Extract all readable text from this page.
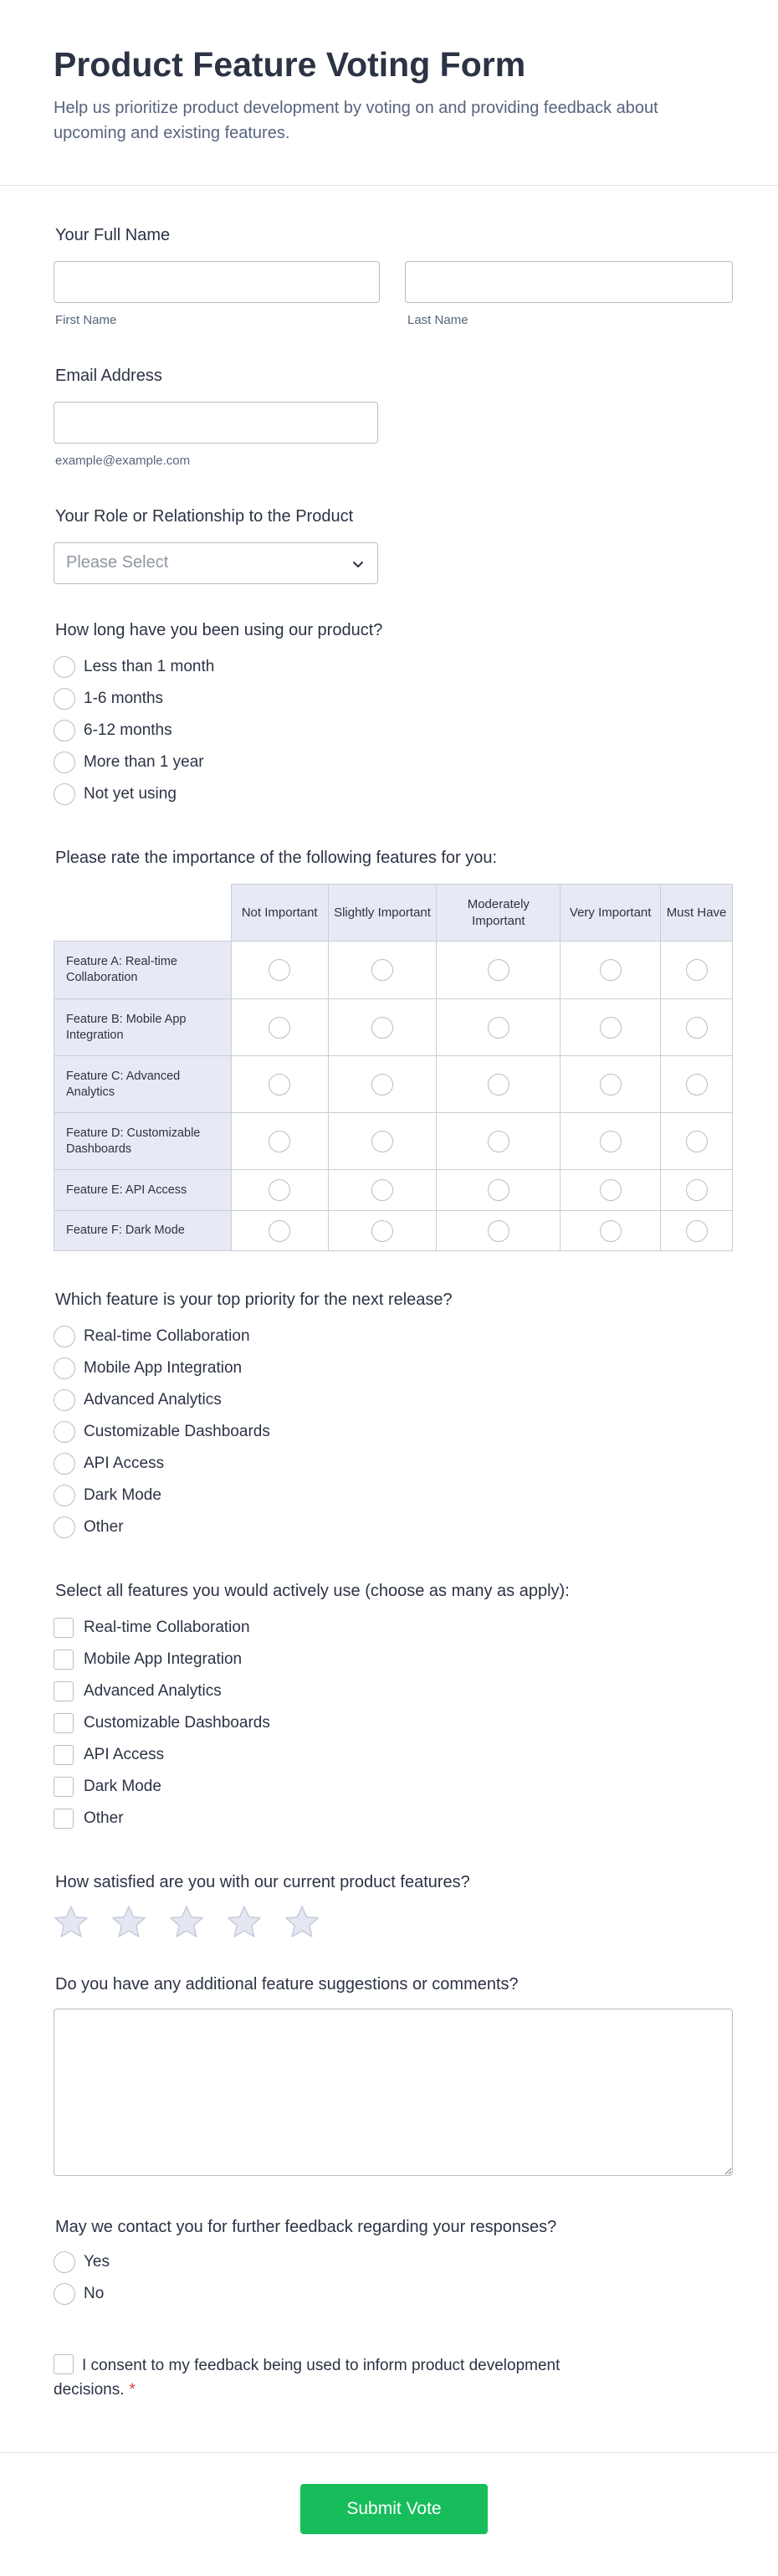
Product Feature Voting Form

Help us prioritize product development by voting on and providing feedback about upcoming and existing features.

Your Full Name
First Name	Last Name
Email Address
example@example.com
Your Role or Relationship to the Product
Please Select
How long have you been using our product?
Less than 1 month
1-6 months
6-12 months
More than 1 year
Not yet using
Please rate the importance of the following features for you:
	Not Important	Slightly Important	Moderately Important	Very Important	Must Have
Feature A: Real-time Collaboration					
Feature B: Mobile App Integration					
Feature C: Advanced Analytics					
Feature D: Customizable Dashboards					
Feature E: API Access					
Feature F: Dark Mode					
Which feature is your top priority for the next release?
Real-time Collaboration
Mobile App Integration
Advanced Analytics
Customizable Dashboards
API Access
Dark Mode
Other
Select all features you would actively use (choose as many as apply):
Real-time Collaboration
Mobile App Integration
Advanced Analytics
Customizable Dashboards
API Access
Dark Mode
Other
How satisfied are you with our current product features?
Do you have any additional feature suggestions or comments?
May we contact you for further feedback regarding your responses?
Yes
No
I consent to my feedback being used to inform product development decisions. *
Submit Vote
